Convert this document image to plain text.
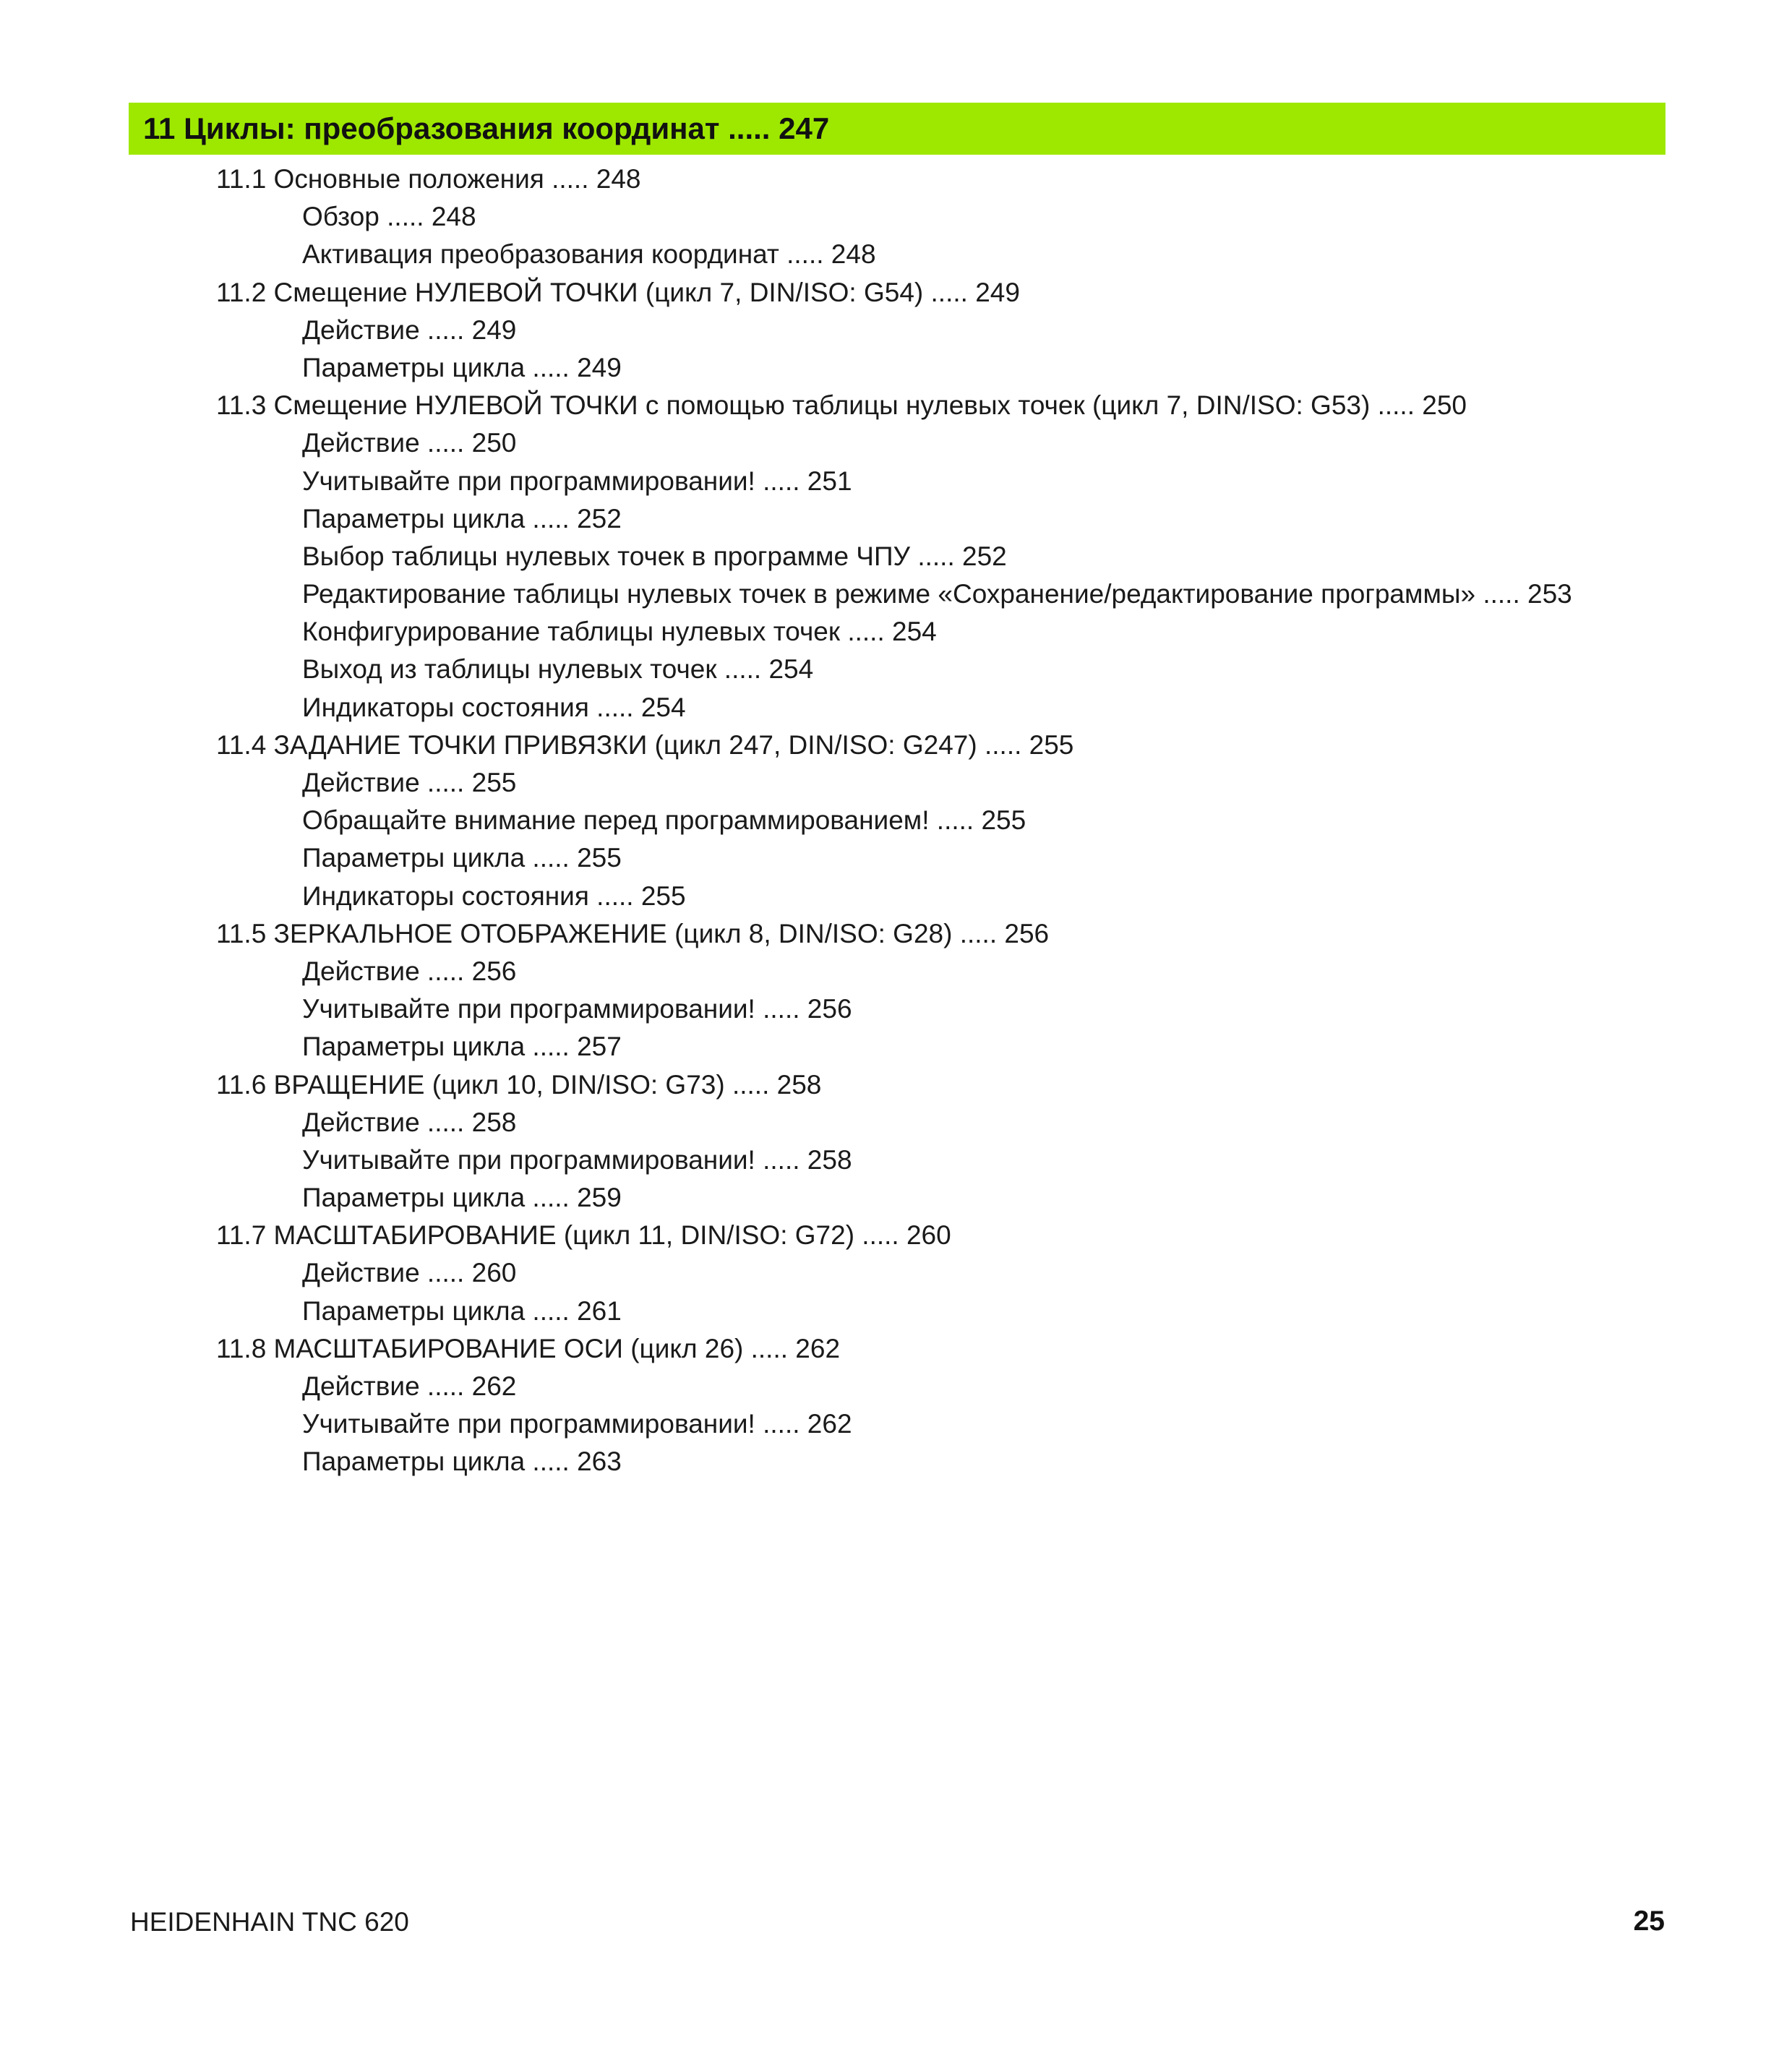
11 Циклы: преобразования координат ..... 247
11.1 Основные положения ..... 248
Обзор ..... 248
Активация преобразования координат ..... 248
11.2 Смещение НУЛЕВОЙ ТОЧКИ (цикл 7, DIN/ISO: G54) ..... 249
Действие ..... 249
Параметры цикла ..... 249
11.3 Смещение НУЛЕВОЙ ТОЧКИ с помощью таблицы нулевых точек (цикл 7, DIN/ISO: G53) ..... 250
Действие ..... 250
Учитывайте при программировании! ..... 251
Параметры цикла ..... 252
Выбор таблицы нулевых точек в программе ЧПУ ..... 252
Редактирование таблицы нулевых точек в режиме «Сохранение/редактирование программы» ..... 253
Конфигурирование таблицы нулевых точек ..... 254
Выход из таблицы нулевых точек ..... 254
Индикаторы состояния ..... 254
11.4 ЗАДАНИЕ ТОЧКИ ПРИВЯЗКИ (цикл 247, DIN/ISO: G247) ..... 255
Действие ..... 255
Обращайте внимание перед программированием! ..... 255
Параметры цикла ..... 255
Индикаторы состояния ..... 255
11.5 ЗЕРКАЛЬНОЕ ОТОБРАЖЕНИЕ (цикл 8, DIN/ISO: G28) ..... 256
Действие ..... 256
Учитывайте при программировании! ..... 256
Параметры цикла ..... 257
11.6 ВРАЩЕНИЕ (цикл 10, DIN/ISO: G73) ..... 258
Действие ..... 258
Учитывайте при программировании! ..... 258
Параметры цикла ..... 259
11.7 МАСШТАБИРОВАНИЕ (цикл 11, DIN/ISO: G72) ..... 260
Действие ..... 260
Параметры цикла ..... 261
11.8 МАСШТАБИРОВАНИЕ ОСИ (цикл 26) ..... 262
Действие ..... 262
Учитывайте при программировании! ..... 262
Параметры цикла ..... 263
HEIDENHAIN TNC 620	25
